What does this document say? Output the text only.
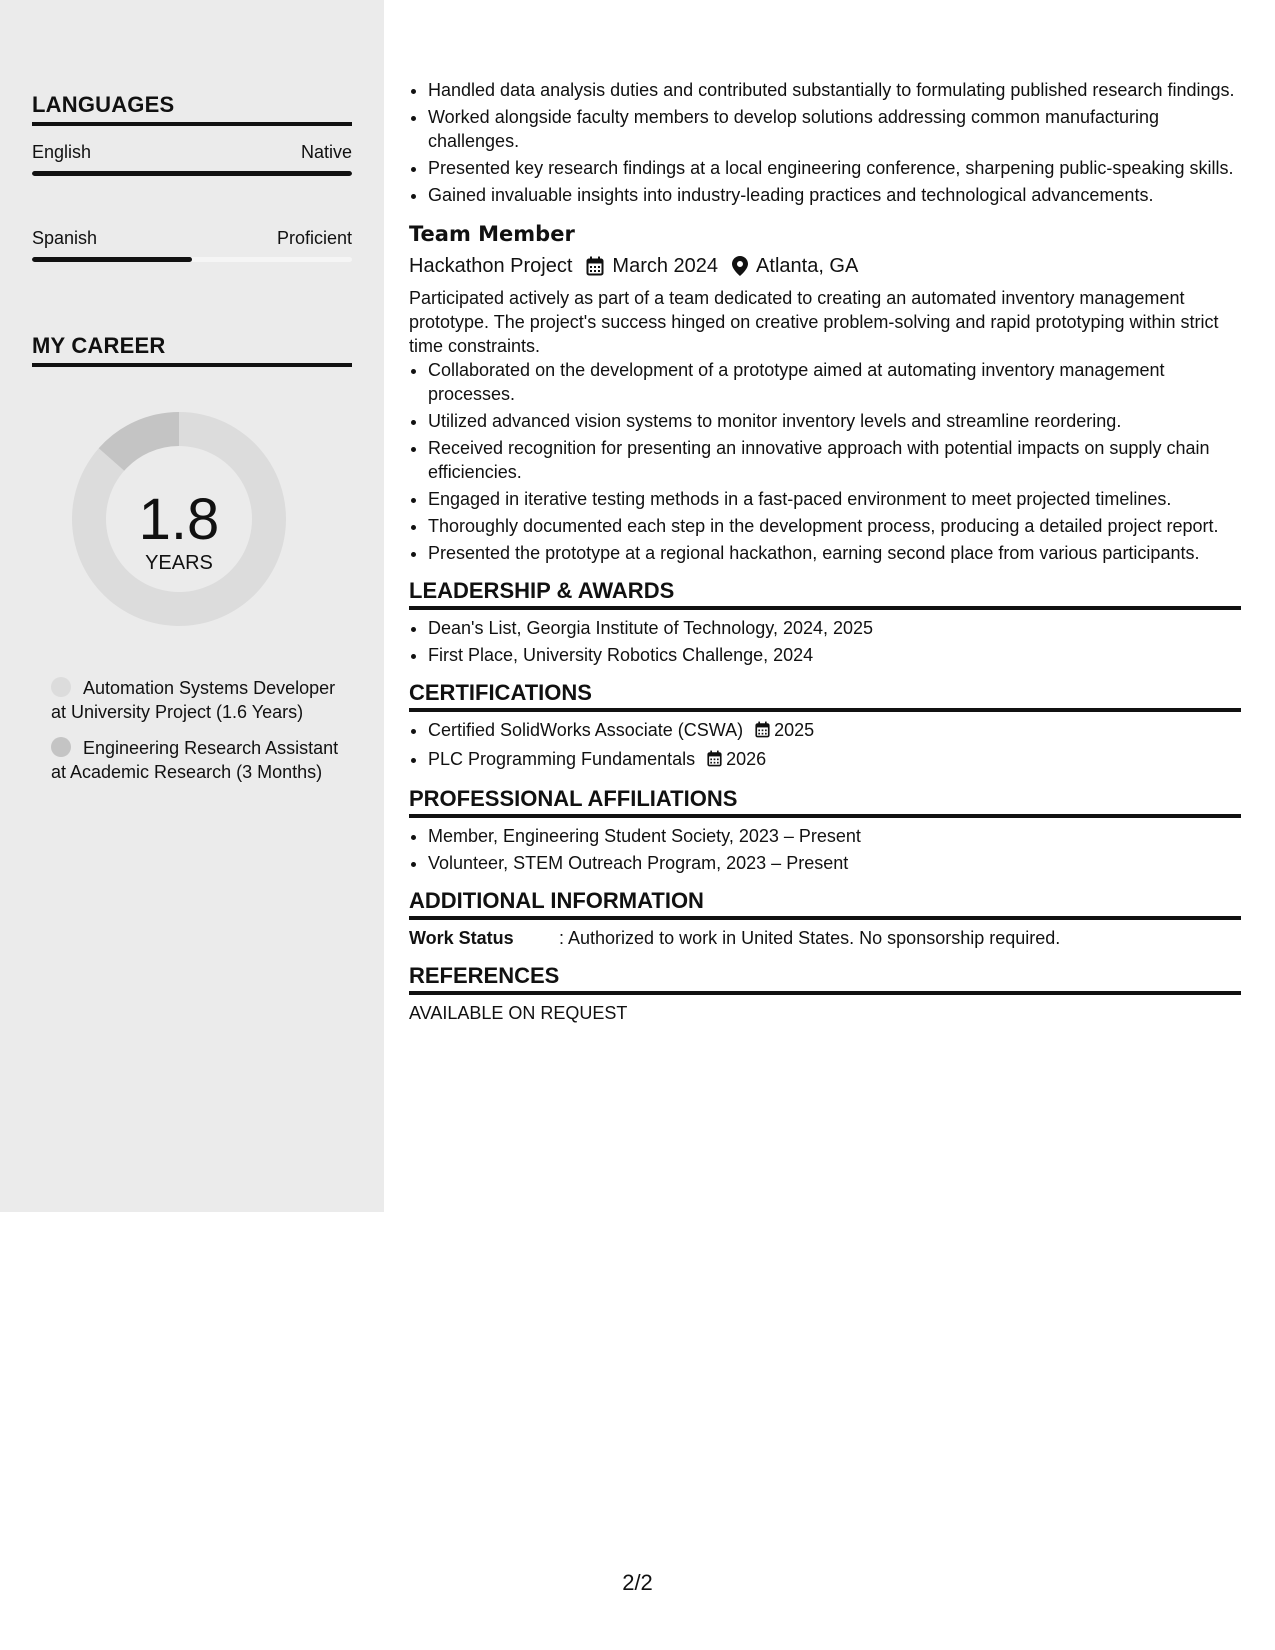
LANGUAGES
English	Native
Spanish	Proficient
MY CAREER
1.8
YEARS
Automation Systems Developer at University Project (1.6 Years)
Engineering Research Assistant at Academic Research (3 Months)
• Handled data analysis duties and contributed substantially to formulating published research findings.
• Worked alongside faculty members to develop solutions addressing common manufacturing challenges.
• Presented key research findings at a local engineering conference, sharpening public-speaking skills.
• Gained invaluable insights into industry-leading practices and technological advancements.
Team Member
Hackathon Project March 2024 Atlanta, GA
Participated actively as part of a team dedicated to creating an automated inventory management prototype. The project's success hinged on creative problem-solving and rapid prototyping within strict time constraints.
• Collaborated on the development of a prototype aimed at automating inventory management processes.
• Utilized advanced vision systems to monitor inventory levels and streamline reordering.
• Received recognition for presenting an innovative approach with potential impacts on supply chain efficiencies.
• Engaged in iterative testing methods in a fast-paced environment to meet projected timelines.
• Thoroughly documented each step in the development process, producing a detailed project report.
• Presented the prototype at a regional hackathon, earning second place from various participants.
LEADERSHIP & AWARDS
• Dean's List, Georgia Institute of Technology, 2024, 2025
• First Place, University Robotics Challenge, 2024
CERTIFICATIONS
• Certified SolidWorks Associate (CSWA) 2025
• PLC Programming Fundamentals 2026
PROFESSIONAL AFFILIATIONS
• Member, Engineering Student Society, 2023 – Present
• Volunteer, STEM Outreach Program, 2023 – Present
ADDITIONAL INFORMATION
Work Status	: Authorized to work in United States. No sponsorship required.
REFERENCES
AVAILABLE ON REQUEST
2/2
